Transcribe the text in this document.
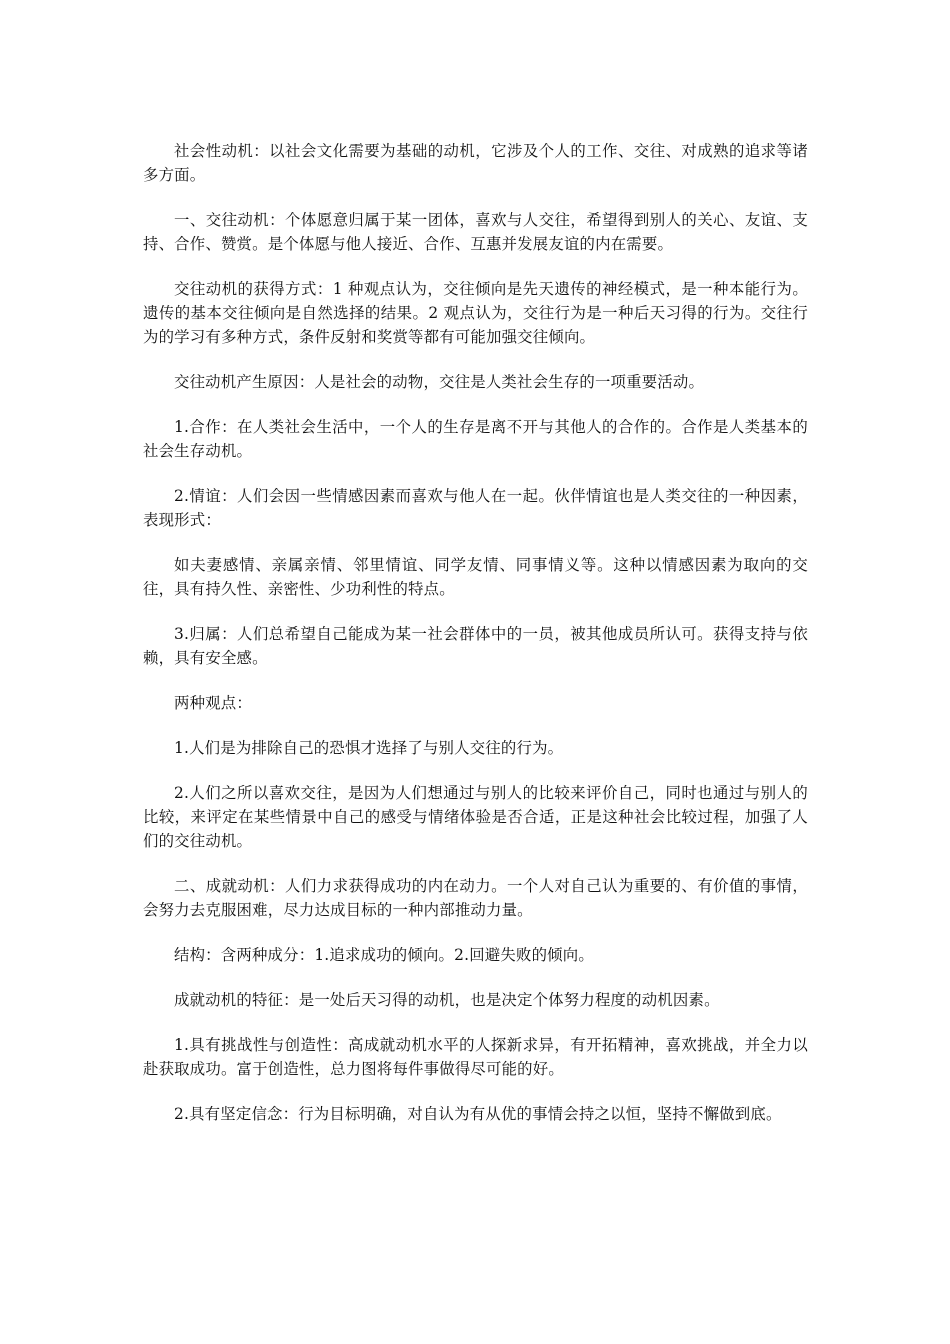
社会性动机：以社会文化需要为基础的动机，它涉及个人的工作、交往、对成熟的追求等诸多方面。

一、交往动机：个体愿意归属于某一团体，喜欢与人交往，希望得到别人的关心、友谊、支持、合作、赞赏。是个体愿与他人接近、合作、互惠并发展友谊的内在需要。

交往动机的获得方式：1 种观点认为，交往倾向是先天遗传的神经模式，是一种本能行为。遗传的基本交往倾向是自然选择的结果。2 观点认为，交往行为是一种后天习得的行为。交往行为的学习有多种方式，条件反射和奖赏等都有可能加强交往倾向。

交往动机产生原因：人是社会的动物，交往是人类社会生存的一项重要活动。

1.合作：在人类社会生活中，一个人的生存是离不开与其他人的合作的。合作是人类基本的社会生存动机。

2.情谊：人们会因一些情感因素而喜欢与他人在一起。伙伴情谊也是人类交往的一种因素，表现形式：

如夫妻感情、亲属亲情、邻里情谊、同学友情、同事情义等。这种以情感因素为取向的交往，具有持久性、亲密性、少功利性的特点。

3.归属：人们总希望自己能成为某一社会群体中的一员，被其他成员所认可。获得支持与依赖，具有安全感。

两种观点：

1.人们是为排除自己的恐惧才选择了与别人交往的行为。

2.人们之所以喜欢交往，是因为人们想通过与别人的比较来评价自己，同时也通过与别人的比较，来评定在某些情景中自己的感受与情绪体验是否合适，正是这种社会比较过程，加强了人们的交往动机。

二、成就动机：人们力求获得成功的内在动力。一个人对自己认为重要的、有价值的事情，会努力去克服困难，尽力达成目标的一种内部推动力量。

结构：含两种成分：1.追求成功的倾向。2.回避失败的倾向。

成就动机的特征：是一处后天习得的动机，也是决定个体努力程度的动机因素。

1.具有挑战性与创造性：高成就动机水平的人探新求异，有开拓精神，喜欢挑战，并全力以赴获取成功。富于创造性，总力图将每件事做得尽可能的好。

2.具有坚定信念：行为目标明确，对自认为有从优的事情会持之以恒，坚持不懈做到底。
